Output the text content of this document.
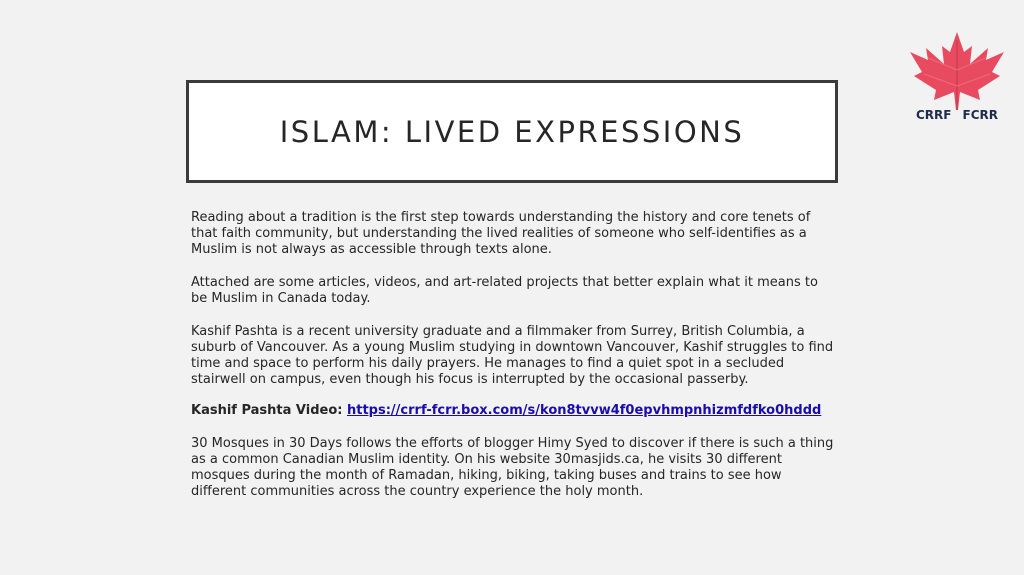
ISLAM: LIVED EXPRESSIONS	CRRF FCRR

Reading about a tradition is the first step towards understanding the history and core tenets of that faith community, but understanding the lived realities of someone who self-identifies as a Muslim is not always as accessible through texts alone.

Attached are some articles, videos, and art-related projects that better explain what it means to be Muslim in Canada today.

Kashif Pashta is a recent university graduate and a filmmaker from Surrey, British Columbia, a suburb of Vancouver. As a young Muslim studying in downtown Vancouver, Kashif struggles to find time and space to perform his daily prayers. He manages to find a quiet spot in a secluded stairwell on campus, even though his focus is interrupted by the occasional passerby.

Kashif Pashta Video: https://crrf-fcrr.box.com/s/kon8tvvw4f0epvhmpnhizmfdfko0hddd

30 Mosques in 30 Days follows the efforts of blogger Himy Syed to discover if there is such a thing as a common Canadian Muslim identity. On his website 30masjids.ca, he visits 30 different mosques during the month of Ramadan, hiking, biking, taking buses and trains to see how different communities across the country experience the holy month.
